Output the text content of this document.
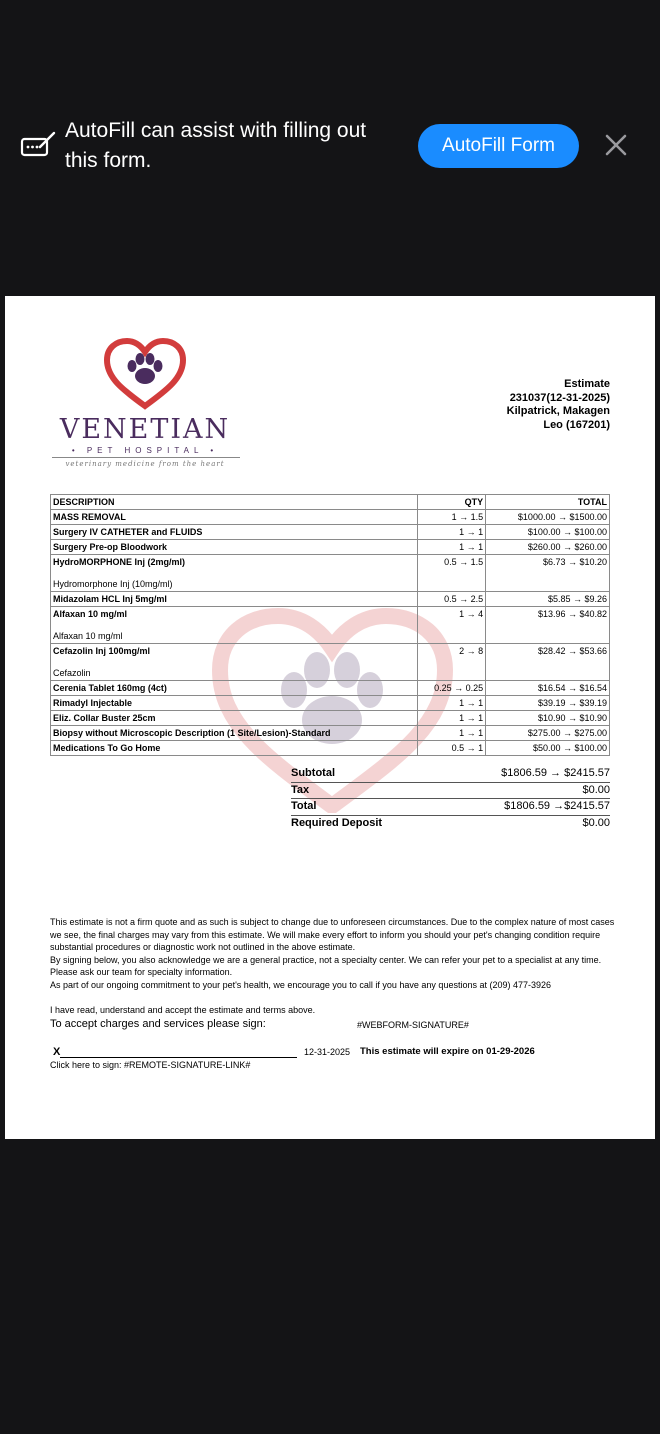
AutoFill can assist with filling out this form.
AutoFill Form
VENETIAN
• PET HOSPITAL •
veterinary medicine from the heart
Estimate
231037(12-31-2025)
Kilpatrick, Makagen
Leo (167201)
DESCRIPTION	QTY	TOTAL

MASS REMOVAL	1 → 1.5	$1000.00 → $1500.00

Surgery IV CATHETER and FLUIDS	1 → 1	$100.00 → $100.00

Surgery Pre-op Bloodwork	1 → 1	$260.00 → $260.00

HydroMORPHONE Inj (2mg/ml)
Hydromorphone Inj (10mg/ml)	0.5 → 1.5	$6.73 → $10.20

Midazolam HCL Inj 5mg/ml	0.5 → 2.5	$5.85 → $9.26

Alfaxan 10 mg/ml
Alfaxan 10 mg/ml	1 → 4	$13.96 → $40.82

Cefazolin Inj 100mg/ml
Cefazolin	2 → 8	$28.42 → $53.66

Cerenia Tablet 160mg (4ct)	0.25 → 0.25	$16.54 → $16.54

Rimadyl Injectable	1 → 1	$39.19 → $39.19

Eliz. Collar Buster 25cm	1 → 1	$10.90 → $10.90

Biopsy without Microscopic Description (1 Site/Lesion)-Standard	1 → 1	$275.00 → $275.00

Medications To Go Home	0.5 → 1	$50.00 → $100.00
Subtotal	$1806.59 → $2415.57
Tax	$0.00
Total	$1806.59 →$2415.57
Required Deposit	$0.00

This estimate is not a firm quote and as such is subject to change due to unforeseen circumstances. Due to the complex nature of most cases we see, the final charges may vary from this estimate. We will make every effort to inform you should your pet's changing condition require substantial procedures or diagnostic work not outlined in the above estimate.

By signing below, you also acknowledge we are a general practice, not a specialty center. We can refer your pet to a specialist at any time. Please ask our team for specialty information.

As part of our ongoing commitment to your pet's health, we encourage you to call if you have any questions at (209) 477-3926

I have read, understand and accept the estimate and terms above.
To accept charges and services please sign:	#WEBFORM-SIGNATURE#
X	12-31-2025 This estimate will expire on 01-29-2026
Click here to sign: #REMOTE-SIGNATURE-LINK#
